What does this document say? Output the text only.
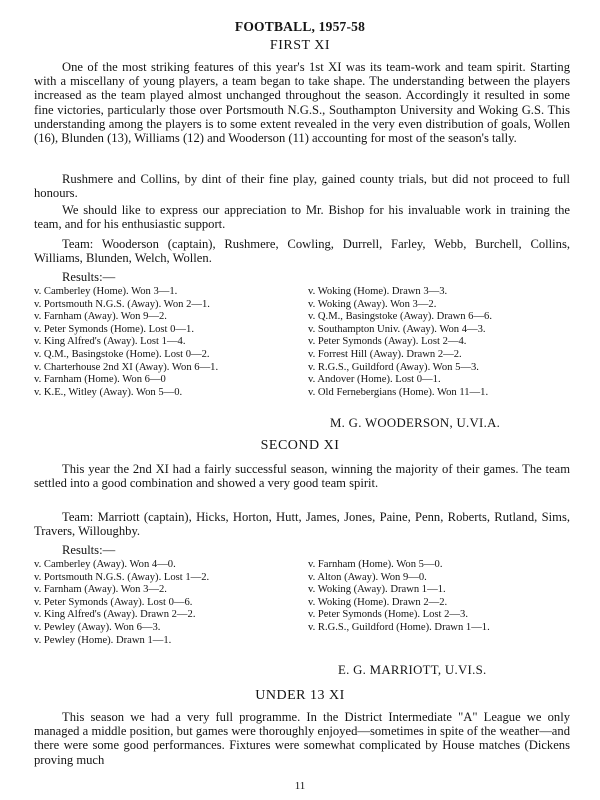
FOOTBALL, 1957-58
FIRST XI

One of the most striking features of this year's 1st XI was its team-work and team spirit. Starting with a miscellany of young players, a team began to take shape. The understanding between the players increased as the team played almost unchanged throughout the season. Accordingly it resulted in some fine victories, particularly those over Portsmouth N.G.S., Southampton University and Woking G.S. This understanding among the players is to some extent revealed in the very even distribution of goals, Wollen (16), Blunden (13), Williams (12) and Wooderson (11) accounting for most of the season's tally.

Rushmere and Collins, by dint of their fine play, gained county trials, but did not proceed to full honours.

We should like to express our appreciation to Mr. Bishop for his invaluable work in training the team, and for his enthusiastic support.

Team: Wooderson (captain), Rushmere, Cowling, Durrell, Farley, Webb, Burchell, Collins, Williams, Blunden, Welch, Wollen.

Results:—
v. Camberley (Home). Won 3—1.
v. Portsmouth N.G.S. (Away). Won 2—1.
v. Farnham (Away). Won 9—2.
v. Peter Symonds (Home). Lost 0—1.
v. King Alfred's (Away). Lost 1—4.
v. Q.M., Basingstoke (Home). Lost 0—2.
v. Charterhouse 2nd XI (Away). Won 6—1.
v. Farnham (Home). Won 6—0
v. K.E., Witley (Away). Won 5—0.
v. Woking (Home). Drawn 3—3.
v. Woking (Away). Won 3—2.
v. Q.M., Basingstoke (Away). Drawn 6—6.
v. Southampton Univ. (Away). Won 4—3.
v. Peter Symonds (Away). Lost 2—4.
v. Forrest Hill (Away). Drawn 2—2.
v. R.G.S., Guildford (Away). Won 5—3.
v. Andover (Home). Lost 0—1.
v. Old Fernebergians (Home). Won 11—1.
M. G. WOODERSON, U.VI.A.
SECOND XI

This year the 2nd XI had a fairly successful season, winning the majority of their games. The team settled into a good combination and showed a very good team spirit.

Team: Marriott (captain), Hicks, Horton, Hutt, James, Jones, Paine, Penn, Roberts, Rutland, Sims, Travers, Willoughby.

Results:—
v. Camberley (Away). Won 4—0.
v. Portsmouth N.G.S. (Away). Lost 1—2.
v. Farnham (Away). Won 3—2.
v. Peter Symonds (Away). Lost 0—6.
v. King Alfred's (Away). Drawn 2—2.
v. Pewley (Away). Won 6—3.
v. Pewley (Home). Drawn 1—1.
v. Farnham (Home). Won 5—0.
v. Alton (Away). Won 9—0.
v. Woking (Away). Drawn 1—1.
v. Woking (Home). Drawn 2—2.
v. Peter Symonds (Home). Lost 2—3.
v. R.G.S., Guildford (Home). Drawn 1—1.
E. G. MARRIOTT, U.VI.S.
UNDER 13 XI

This season we had a very full programme. In the District Intermediate "A" League we only managed a middle position, but games were thoroughly enjoyed—sometimes in spite of the weather—and there were some good performances. Fixtures were somewhat complicated by House matches (Dickens proving much

11
